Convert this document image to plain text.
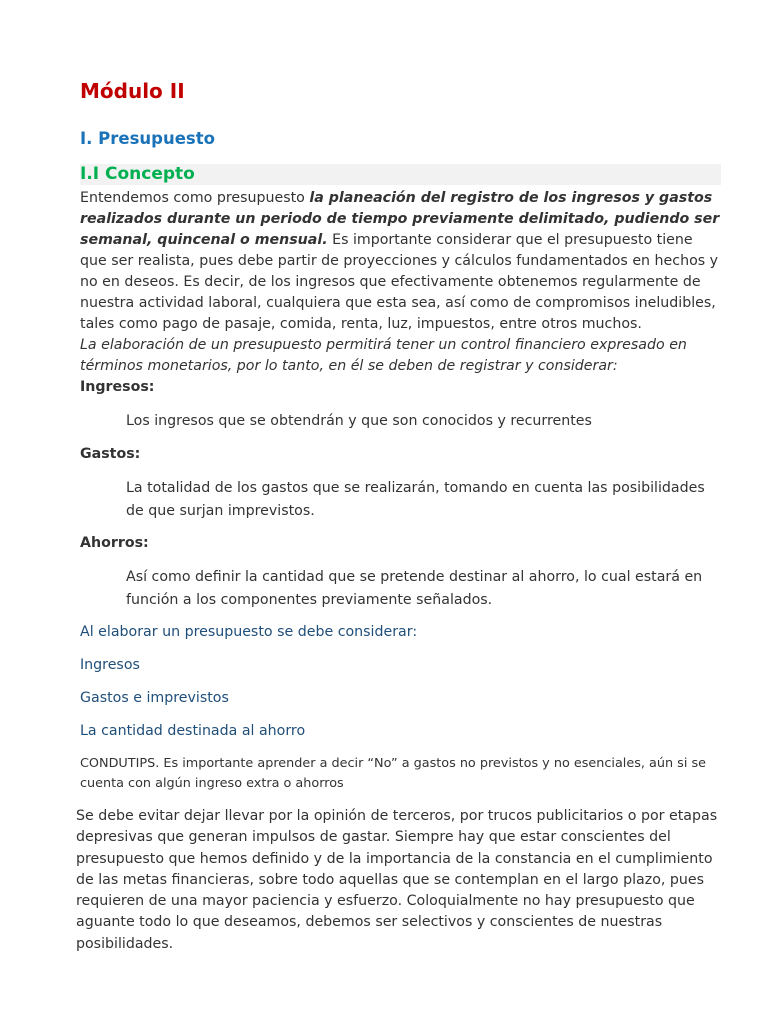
Módulo II
I. Presupuesto
I.I Concepto

Entendemos como presupuesto la planeación del registro de los ingresos y gastos realizados durante un periodo de tiempo previamente delimitado, pudiendo ser semanal, quincenal o mensual. Es importante considerar que el presupuesto tiene que ser realista, pues debe partir de proyecciones y cálculos fundamentados en hechos y no en deseos. Es decir, de los ingresos que efectivamente obtenemos regularmente de nuestra actividad laboral, cualquiera que esta sea, así como de compromisos ineludibles, tales como pago de pasaje, comida, renta, luz, impuestos, entre otros muchos.

La elaboración de un presupuesto permitirá tener un control financiero expresado en términos monetarios, por lo tanto, en él se deben de registrar y considerar:

Ingresos:

Los ingresos que se obtendrán y que son conocidos y recurrentes

Gastos:

La totalidad de los gastos que se realizarán, tomando en cuenta las posibilidades de que surjan imprevistos.

Ahorros:

Así como definir la cantidad que se pretende destinar al ahorro, lo cual estará en función a los componentes previamente señalados.

Al elaborar un presupuesto se debe considerar:

Ingresos

Gastos e imprevistos

La cantidad destinada al ahorro

CONDUTIPS. Es importante aprender a decir “No” a gastos no previstos y no esenciales, aún si se cuenta con algún ingreso extra o ahorros

Se debe evitar dejar llevar por la opinión de terceros, por trucos publicitarios o por etapas depresivas que generan impulsos de gastar. Siempre hay que estar conscientes del presupuesto que hemos definido y de la importancia de la constancia en el cumplimiento de las metas financieras, sobre todo aquellas que se contemplan en el largo plazo, pues requieren de una mayor paciencia y esfuerzo. Coloquialmente no hay presupuesto que aguante todo lo que deseamos, debemos ser selectivos y conscientes de nuestras posibilidades.
